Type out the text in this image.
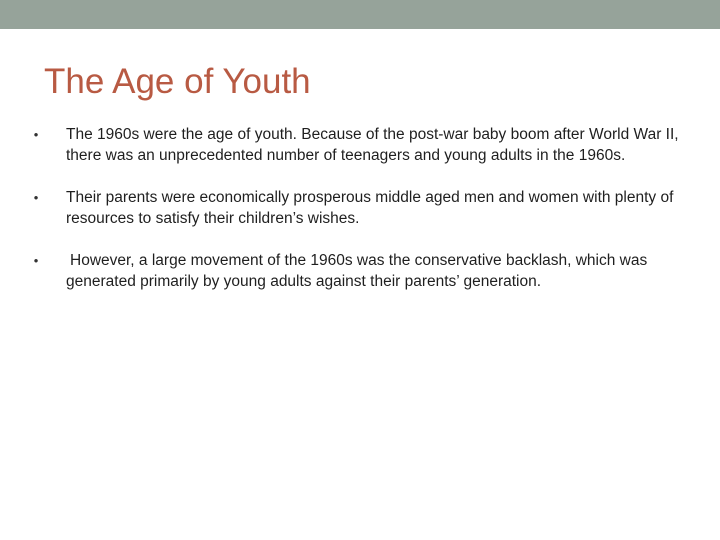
The Age of Youth
• The 1960s were the age of youth. Because of the post-war baby boom after World War II, there was an unprecedented number of teenagers and young adults in the 1960s.
• Their parents were economically prosperous middle aged men and women with plenty of resources to satisfy their children’s wishes.
• However, a large movement of the 1960s was the conservative backlash, which was generated primarily by young adults against their parents’ generation.
